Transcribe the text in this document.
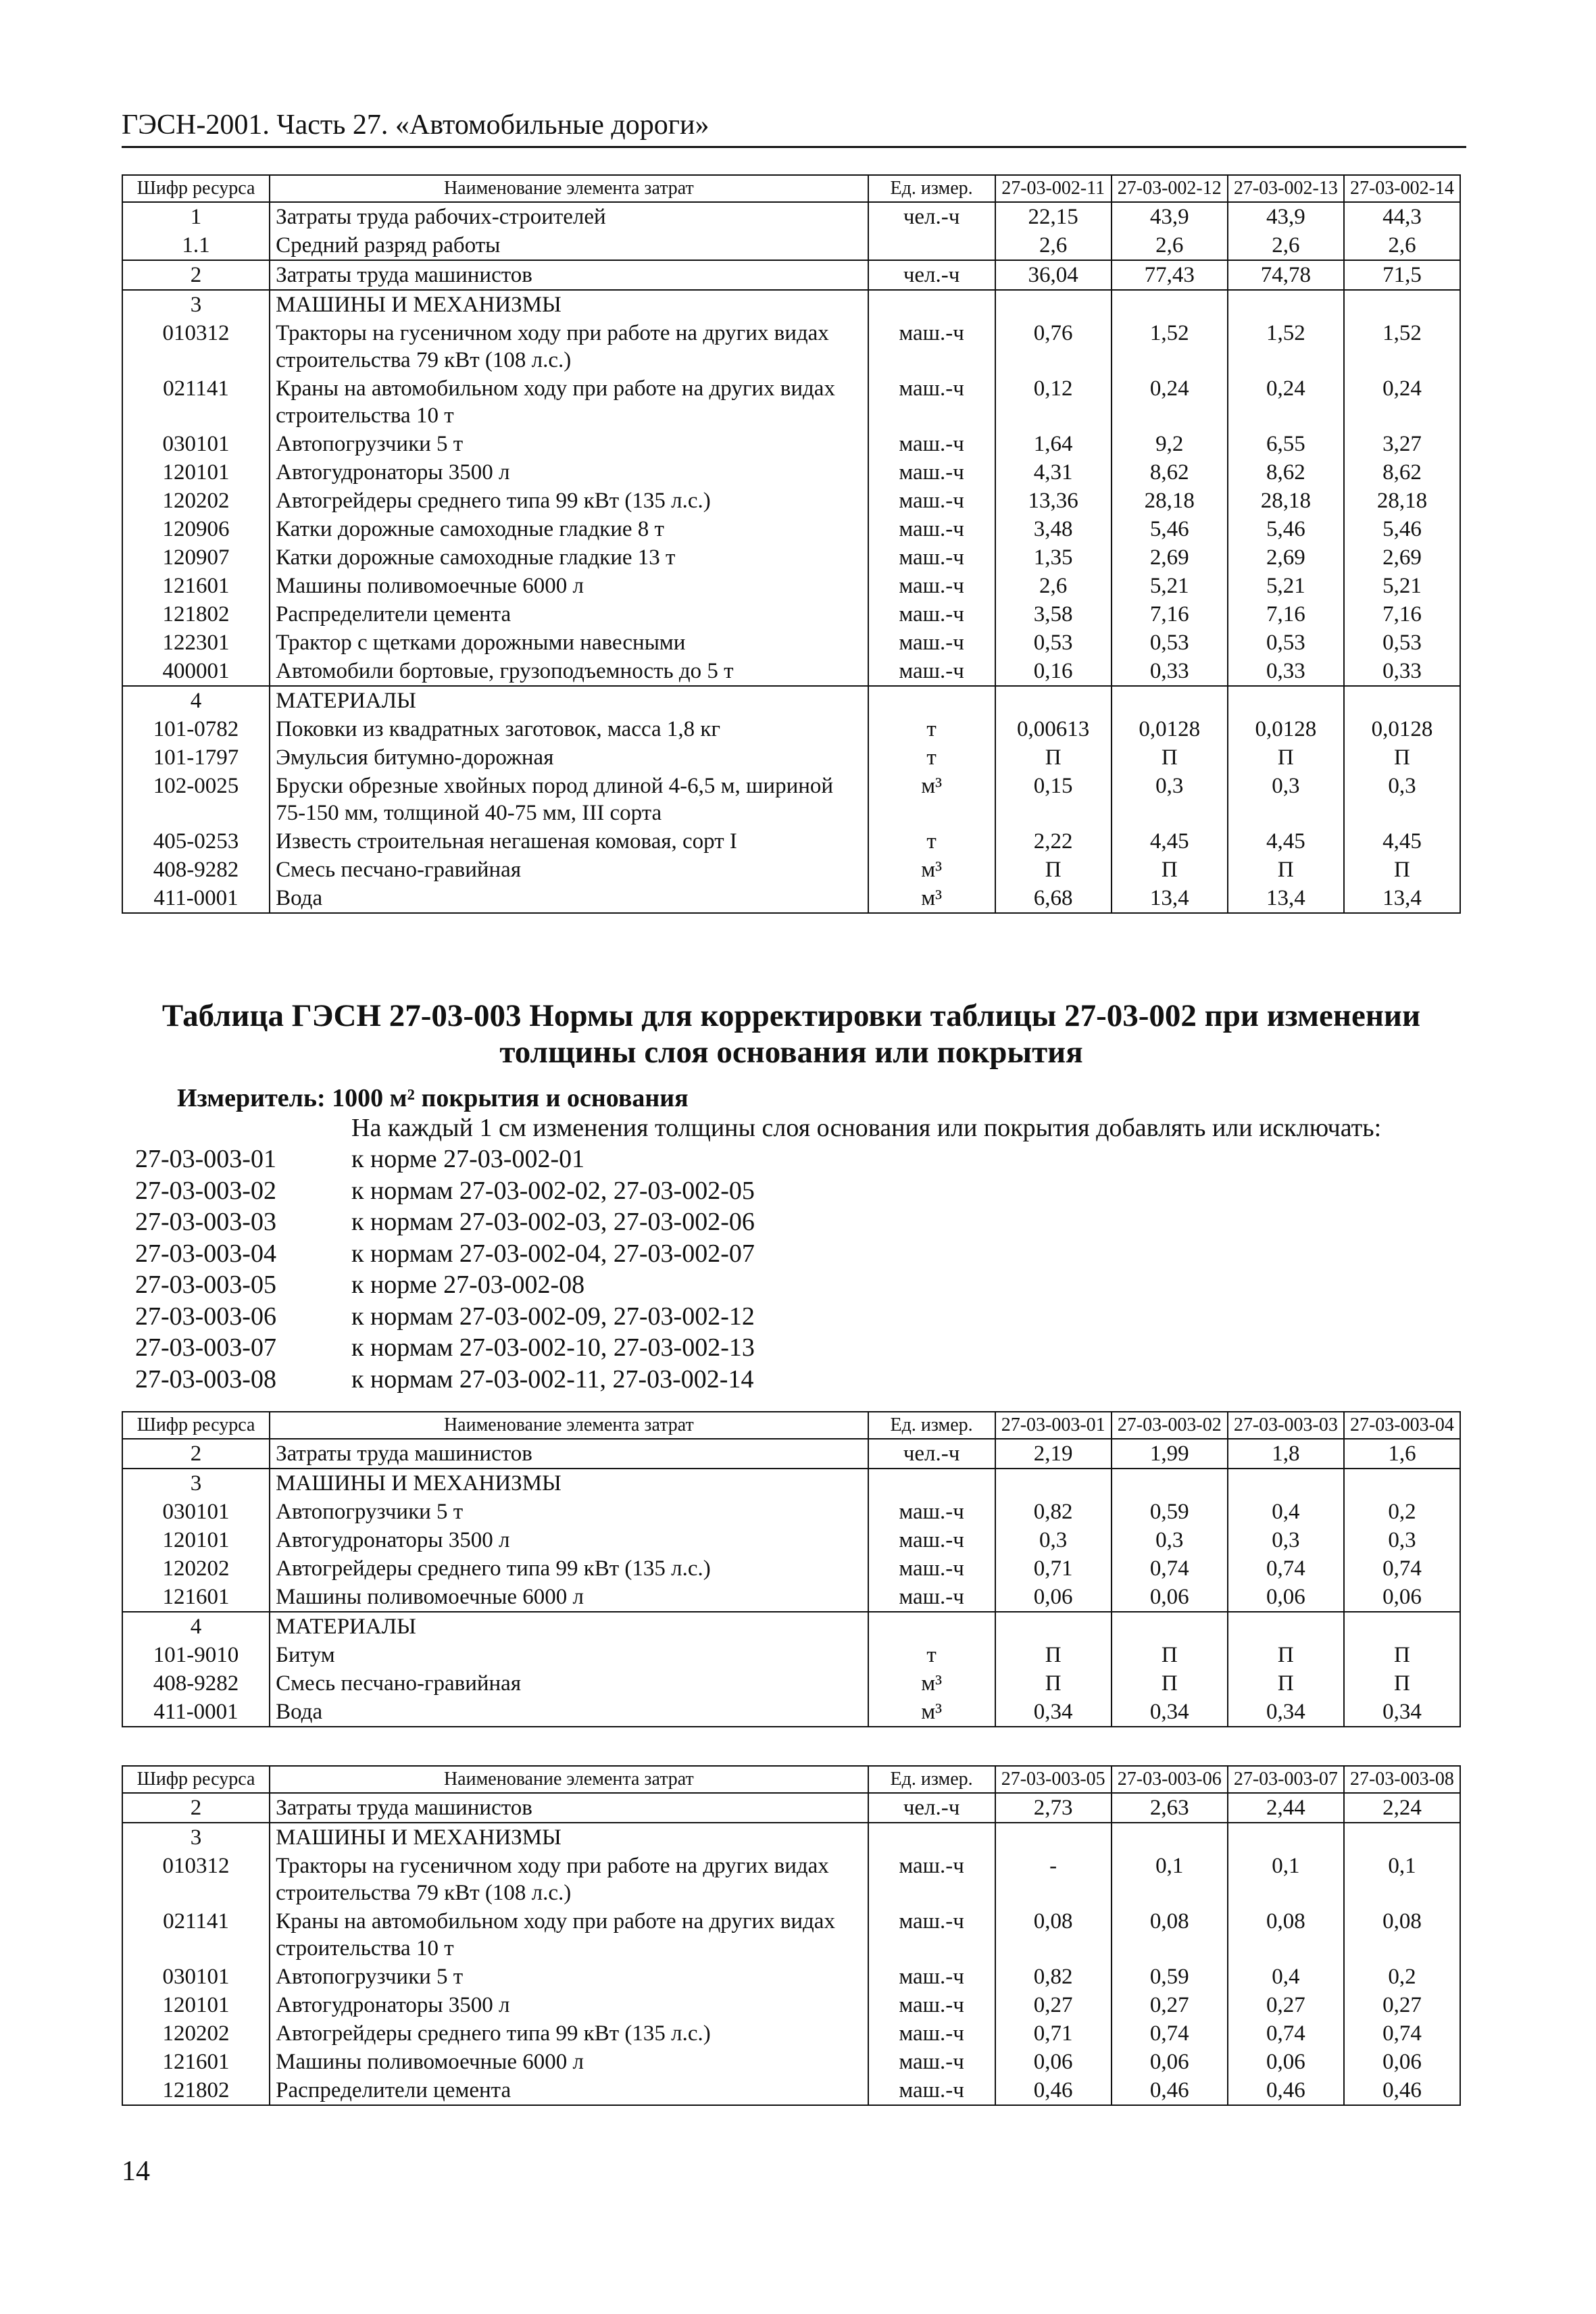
ГЭСН-2001. Часть 27. «Автомобильные дороги»
Шифр ресурса	Наименование элемента затрат	Ед. измер.	27-03-002-11	27-03-002-12	27-03-002-13	27-03-002-14
1	Затраты труда рабочих-строителей	чел.-ч	22,15	43,9	43,9	44,3
1.1	Средний разряд работы		2,6	2,6	2,6	2,6
2	Затраты труда машинистов	чел.-ч	36,04	77,43	74,78	71,5
3	МАШИНЫ И МЕХАНИЗМЫ					
010312	Тракторы на гусеничном ходу при работе на других видах строительства 79 кВт (108 л.с.)	маш.-ч	0,76	1,52	1,52	1,52
021141	Краны на автомобильном ходу при работе на других видах строительства 10 т	маш.-ч	0,12	0,24	0,24	0,24
030101	Автопогрузчики 5 т	маш.-ч	1,64	9,2	6,55	3,27
120101	Автогудронаторы 3500 л	маш.-ч	4,31	8,62	8,62	8,62
120202	Автогрейдеры среднего типа 99 кВт (135 л.с.)	маш.-ч	13,36	28,18	28,18	28,18
120906	Катки дорожные самоходные гладкие 8 т	маш.-ч	3,48	5,46	5,46	5,46
120907	Катки дорожные самоходные гладкие 13 т	маш.-ч	1,35	2,69	2,69	2,69
121601	Машины поливомоечные 6000 л	маш.-ч	2,6	5,21	5,21	5,21
121802	Распределители цемента	маш.-ч	3,58	7,16	7,16	7,16
122301	Трактор с щетками дорожными навесными	маш.-ч	0,53	0,53	0,53	0,53
400001	Автомобили бортовые, грузоподъемность до 5 т	маш.-ч	0,16	0,33	0,33	0,33
4	МАТЕРИАЛЫ					
101-0782	Поковки из квадратных заготовок, масса 1,8 кг	т	0,00613	0,0128	0,0128	0,0128
101-1797	Эмульсия битумно-дорожная	т	П	П	П	П
102-0025	Бруски обрезные хвойных пород длиной 4-6,5 м, шириной 75-150 мм, толщиной 40-75 мм, III сорта	м³	0,15	0,3	0,3	0,3
405-0253	Известь строительная негашеная комовая, сорт I	т	2,22	4,45	4,45	4,45
408-9282	Смесь песчано-гравийная	м³	П	П	П	П
411-0001	Вода	м³	6,68	13,4	13,4	13,4
Таблица ГЭСН 27-03-003 Нормы для корректировки таблицы 27-03-002 при изменении толщины слоя основания или покрытия
Измеритель: 1000 м² покрытия и основания
На каждый 1 см изменения толщины слоя основания или покрытия добавлять или исключать:
27-03-003-01	к норме 27-03-002-01
27-03-003-02	к нормам 27-03-002-02, 27-03-002-05
27-03-003-03	к нормам 27-03-002-03, 27-03-002-06
27-03-003-04	к нормам 27-03-002-04, 27-03-002-07
27-03-003-05	к норме 27-03-002-08
27-03-003-06	к нормам 27-03-002-09, 27-03-002-12
27-03-003-07	к нормам 27-03-002-10, 27-03-002-13
27-03-003-08	к нормам 27-03-002-11, 27-03-002-14
Шифр ресурса	Наименование элемента затрат	Ед. измер.	27-03-003-01	27-03-003-02	27-03-003-03	27-03-003-04
2	Затраты труда машинистов	чел.-ч	2,19	1,99	1,8	1,6
3	МАШИНЫ И МЕХАНИЗМЫ					
030101	Автопогрузчики 5 т	маш.-ч	0,82	0,59	0,4	0,2
120101	Автогудронаторы 3500 л	маш.-ч	0,3	0,3	0,3	0,3
120202	Автогрейдеры среднего типа 99 кВт (135 л.с.)	маш.-ч	0,71	0,74	0,74	0,74
121601	Машины поливомоечные 6000 л	маш.-ч	0,06	0,06	0,06	0,06
4	МАТЕРИАЛЫ					
101-9010	Битум	т	П	П	П	П
408-9282	Смесь песчано-гравийная	м³	П	П	П	П
411-0001	Вода	м³	0,34	0,34	0,34	0,34
Шифр ресурса	Наименование элемента затрат	Ед. измер.	27-03-003-05	27-03-003-06	27-03-003-07	27-03-003-08
2	Затраты труда машинистов	чел.-ч	2,73	2,63	2,44	2,24
3	МАШИНЫ И МЕХАНИЗМЫ					
010312	Тракторы на гусеничном ходу при работе на других видах строительства 79 кВт (108 л.с.)	маш.-ч	-	0,1	0,1	0,1
021141	Краны на автомобильном ходу при работе на других видах строительства 10 т	маш.-ч	0,08	0,08	0,08	0,08
030101	Автопогрузчики 5 т	маш.-ч	0,82	0,59	0,4	0,2
120101	Автогудронаторы 3500 л	маш.-ч	0,27	0,27	0,27	0,27
120202	Автогрейдеры среднего типа 99 кВт (135 л.с.)	маш.-ч	0,71	0,74	0,74	0,74
121601	Машины поливомоечные 6000 л	маш.-ч	0,06	0,06	0,06	0,06
121802	Распределители цемента	маш.-ч	0,46	0,46	0,46	0,46
14
